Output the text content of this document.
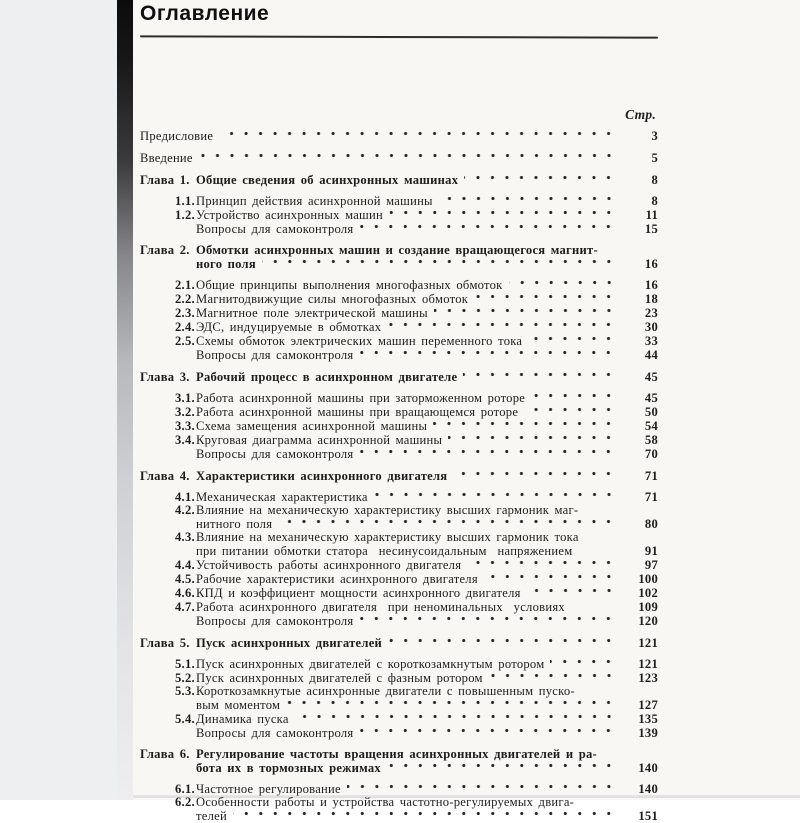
Оглавление
Стр.
Предисловие	3
Введение	5
Глава 1. Общие сведения об асинхронных машинах	8
1.1. Принцип действия асинхронной машины	8
1.2. Устройство асинхронных машин	11
Вопросы для самоконтроля	15
Глава 2. Обмотки асинхронных машин и создание вращающегося магнит-
ного поля	16
2.1. Общие принципы выполнения многофазных обмоток	16
2.2. Магнитодвижущие силы многофазных обмоток	18
2.3. Магнитное поле электрической машины	23
2.4. ЭДС, индуцируемые в обмотках	30
2.5. Схемы обмоток электрических машин переменного тока	33
Вопросы для самоконтроля	44
Глава 3. Рабочий процесс в асинхронном двигателе	45
3.1. Работа асинхронной машины при заторможенном роторе	45
3.2. Работа асинхронной машины при вращающемся роторе	50
3.3. Схема замещения асинхронной машины	54
3.4. Круговая диаграмма асинхронной машины	58
Вопросы для самоконтроля	70
Глава 4. Характеристики асинхронного двигателя	71
4.1. Механическая характеристика	71
4.2. Влияние на механическую характеристику высших гармоник маг-
нитного поля	80
4.3. Влияние на механическую характеристику высших гармоник тока
при питании обмотки статора  несинусоидальным  напряжением	91
4.4. Устойчивость работы асинхронного двигателя	97
4.5. Рабочие характеристики асинхронного двигателя	100
4.6. КПД и коэффициент мощности асинхронного двигателя	102
4.7. Работа асинхронного двигателя  при неноминальных  условиях	109
Вопросы для самоконтроля	120
Глава 5. Пуск асинхронных двигателей	121
5.1. Пуск асинхронных двигателей с короткозамкнутым ротором	121
5.2. Пуск асинхронных двигателей с фазным ротором	123
5.3. Короткозамкнутые асинхронные двигатели с повышенным пуско-
вым моментом	127
5.4. Динамика пуска	135
Вопросы для самоконтроля	139
Глава 6. Регулирование частоты вращения асинхронных двигателей и ра-
бота их в тормозных режимах	140
6.1. Частотное регулирование	140
6.2. Особенности работы и устройства частотно-регулируемых двига-
телей	151
